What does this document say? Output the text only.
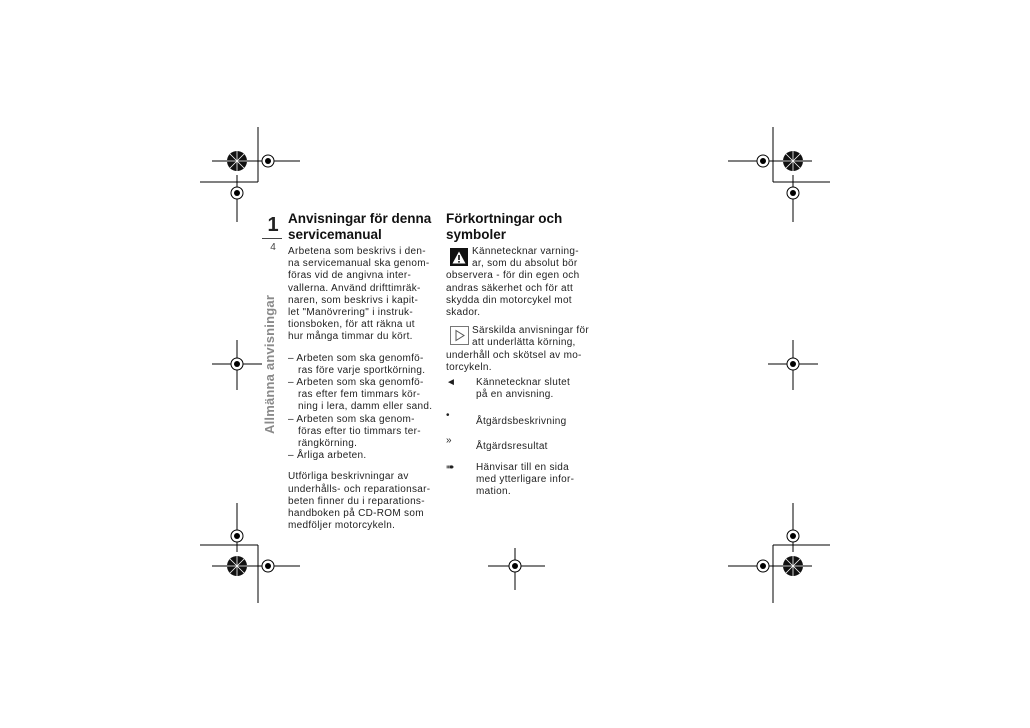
1
4
Allmänna anvisningar
Anvisningar för denna
servicemanual
Arbetena som beskrivs i den-
na servicemanual ska genom-
föras vid de angivna inter-
vallerna. Använd drifttimräk-
naren, som beskrivs i kapit-
let "Manövrering" i instruk-
tionsboken, för att räkna ut
hur många timmar du kört.
– Arbeten som ska genomfö-
ras före varje sportkörning.
– Arbeten som ska genomfö-
ras efter fem timmars kör-
ning i lera, damm eller sand.
– Arbeten som ska genom-
föras efter tio timmars ter-
rängkörning.
– Årliga arbeten.
Utförliga beskrivningar av
underhålls- och reparationsar-
beten finner du i reparations-
handboken på CD-ROM som
medföljer motorcykeln.
Förkortningar och
symboler
Kännetecknar varning-
ar, som du absolut bör
observera - för din egen och
andras säkerhet och för att
skydda din motorcykel mot
skador.
Särskilda anvisningar för
att underlätta körning,
underhåll och skötsel av mo-
torcykeln.
◄	Kännetecknar slutet
på en anvisning.
•
Åtgärdsbeskrivning
»
Åtgärdsresultat
➠	Hänvisar till en sida
med ytterligare infor-
mation.
